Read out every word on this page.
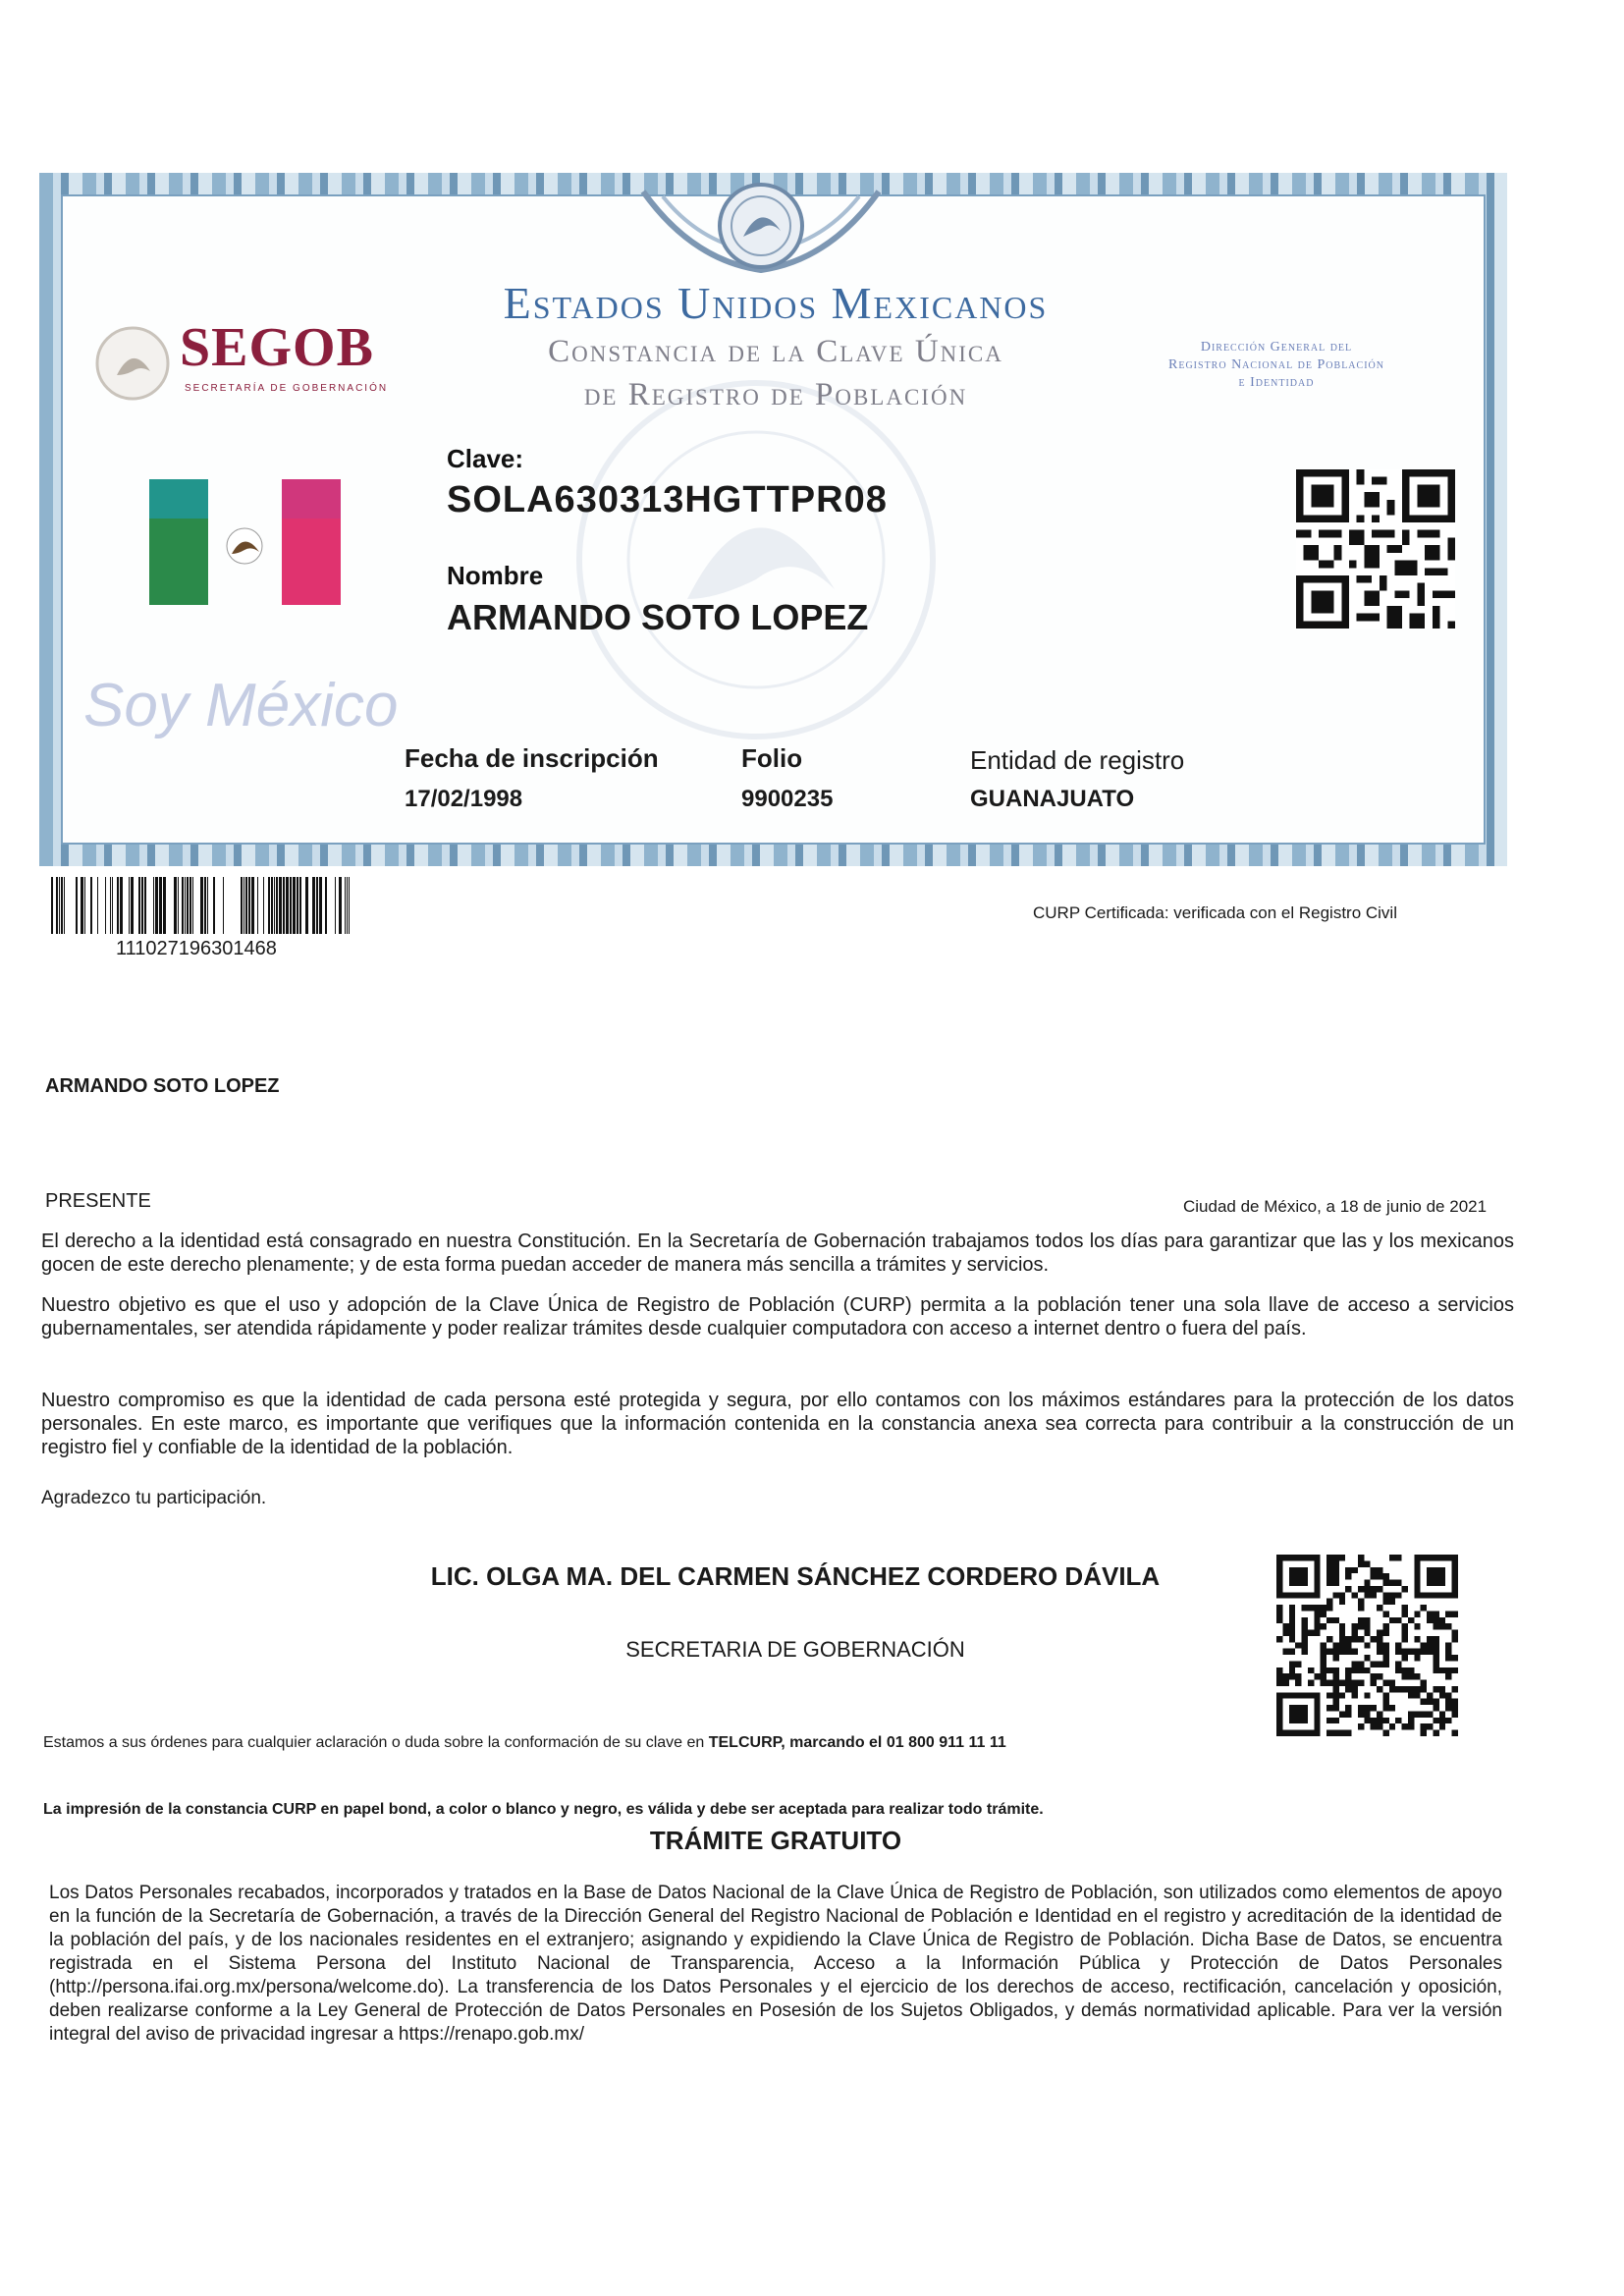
SEGOB
SECRETARÍA DE GOBERNACIÓN
Estados Unidos Mexicanos
Constancia de la Clave Única
de Registro de Población
Dirección General del
Registro Nacional de Población
e Identidad
Soy México
Clave:
SOLA630313HGTTPR08
Nombre
ARMANDO SOTO LOPEZ
Fecha de inscripción
17/02/1998
Folio
9900235
Entidad de registro
GUANAJUATO
111027196301468
CURP Certificada: verificada con el Registro Civil
ARMANDO SOTO LOPEZ
PRESENTE	Ciudad de México, a 18 de junio de 2021
El derecho a la identidad está consagrado en nuestra Constitución. En la Secretaría de Gobernación trabajamos todos los días para garantizar que las y los mexicanos gocen de este derecho plenamente; y de esta forma puedan acceder de manera más sencilla a trámites y servicios.
Nuestro objetivo es que el uso y adopción de la Clave Única de Registro de Población (CURP) permita a la población tener una sola llave de acceso a servicios gubernamentales, ser atendida rápidamente y poder realizar trámites desde cualquier computadora con acceso a internet dentro o fuera del país.
Nuestro compromiso es que la identidad de cada persona esté protegida y segura, por ello contamos con los máximos estándares para la protección de los datos personales. En este marco, es importante que verifiques que la información contenida en la constancia anexa sea correcta para contribuir a la construcción de un registro fiel y confiable de la identidad de la población.
Agradezco tu participación.
LIC. OLGA MA. DEL CARMEN SÁNCHEZ CORDERO DÁVILA
SECRETARIA DE GOBERNACIÓN
Estamos a sus órdenes para cualquier aclaración o duda sobre la conformación de su clave en TELCURP, marcando el 01 800 911 11 11
La impresión de la constancia CURP en papel bond, a color o blanco y negro, es válida y debe ser aceptada para realizar todo trámite.
TRÁMITE GRATUITO
Los Datos Personales recabados, incorporados y tratados en la Base de Datos Nacional de la Clave Única de Registro de Población, son utilizados como elementos de apoyo en la función de la Secretaría de Gobernación, a través de la Dirección General del Registro Nacional de Población e Identidad en el registro y acreditación de la identidad de la población del país, y de los nacionales residentes en el extranjero; asignando y expidiendo la Clave Única de Registro de Población. Dicha Base de Datos, se encuentra registrada en el Sistema Persona del Instituto Nacional de Transparencia, Acceso a la Información Pública y Protección de Datos Personales (http://persona.ifai.org.mx/persona/welcome.do). La transferencia de los Datos Personales y el ejercicio de los derechos de acceso, rectificación, cancelación y oposición, deben realizarse conforme a la Ley General de Protección de Datos Personales en Posesión de los Sujetos Obligados, y demás normatividad aplicable. Para ver la versión integral del aviso de privacidad ingresar a https://renapo.gob.mx/
